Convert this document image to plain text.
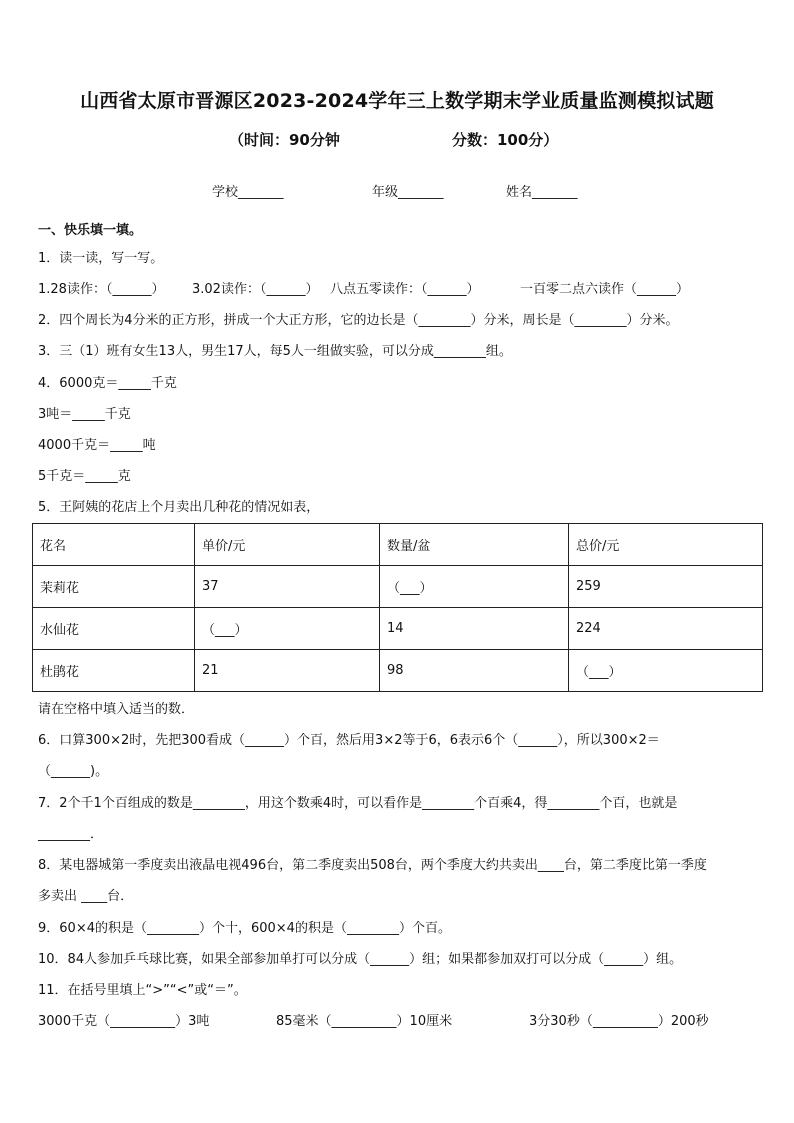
山西省太原市晋源区2023-2024学年三上数学期末学业质量监测模拟试题
（时间：90分钟	分数：100分）
学校_______	年级_______	姓名_______
一、快乐填一填。
1．读一读，写一写。
1.28读作：（______） 3.02读作：（______） 八点五零读作：（______）	一百零二点六读作（______）
2．四个周长为4分米的正方形，拼成一个大正方形，它的边长是（________）分米，周长是（________）分米。
3．三（1）班有女生13人，男生17人，每5人一组做实验，可以分成________组。
4．6000克＝_____千克
3吨＝_____千克
4000千克＝_____吨
5千克＝_____克
5．王阿姨的花店上个月卖出几种花的情况如表，
花名	单价/元	数量/盆	总价/元
茉莉花	37	（___）	259
水仙花	（___）	14	224
杜鹃花	21	98	（___）
请在空格中填入适当的数．
6．口算300×2时，先把300看成（______）个百，然后用3×2等于6，6表示6个（______），所以300×2＝
（______)。
7．2个千1个百组成的数是________，用这个数乘4时，可以看作是________个百乘4，得________个百，也就是
________．
8．某电器城第一季度卖出液晶电视496台，第二季度卖出508台，两个季度大约共卖出____台，第二季度比第一季度
多卖出 ____台．
9．60×4的积是（________）个十，600×4的积是（________）个百。
10．84人参加乒乓球比赛，如果全部参加单打可以分成（______）组；如果都参加双打可以分成（______）组。
11．在括号里填上“>”“<”或“＝”。
3000千克（__________）3吨	85毫米（__________）10厘米	3分30秒（__________）200秒
